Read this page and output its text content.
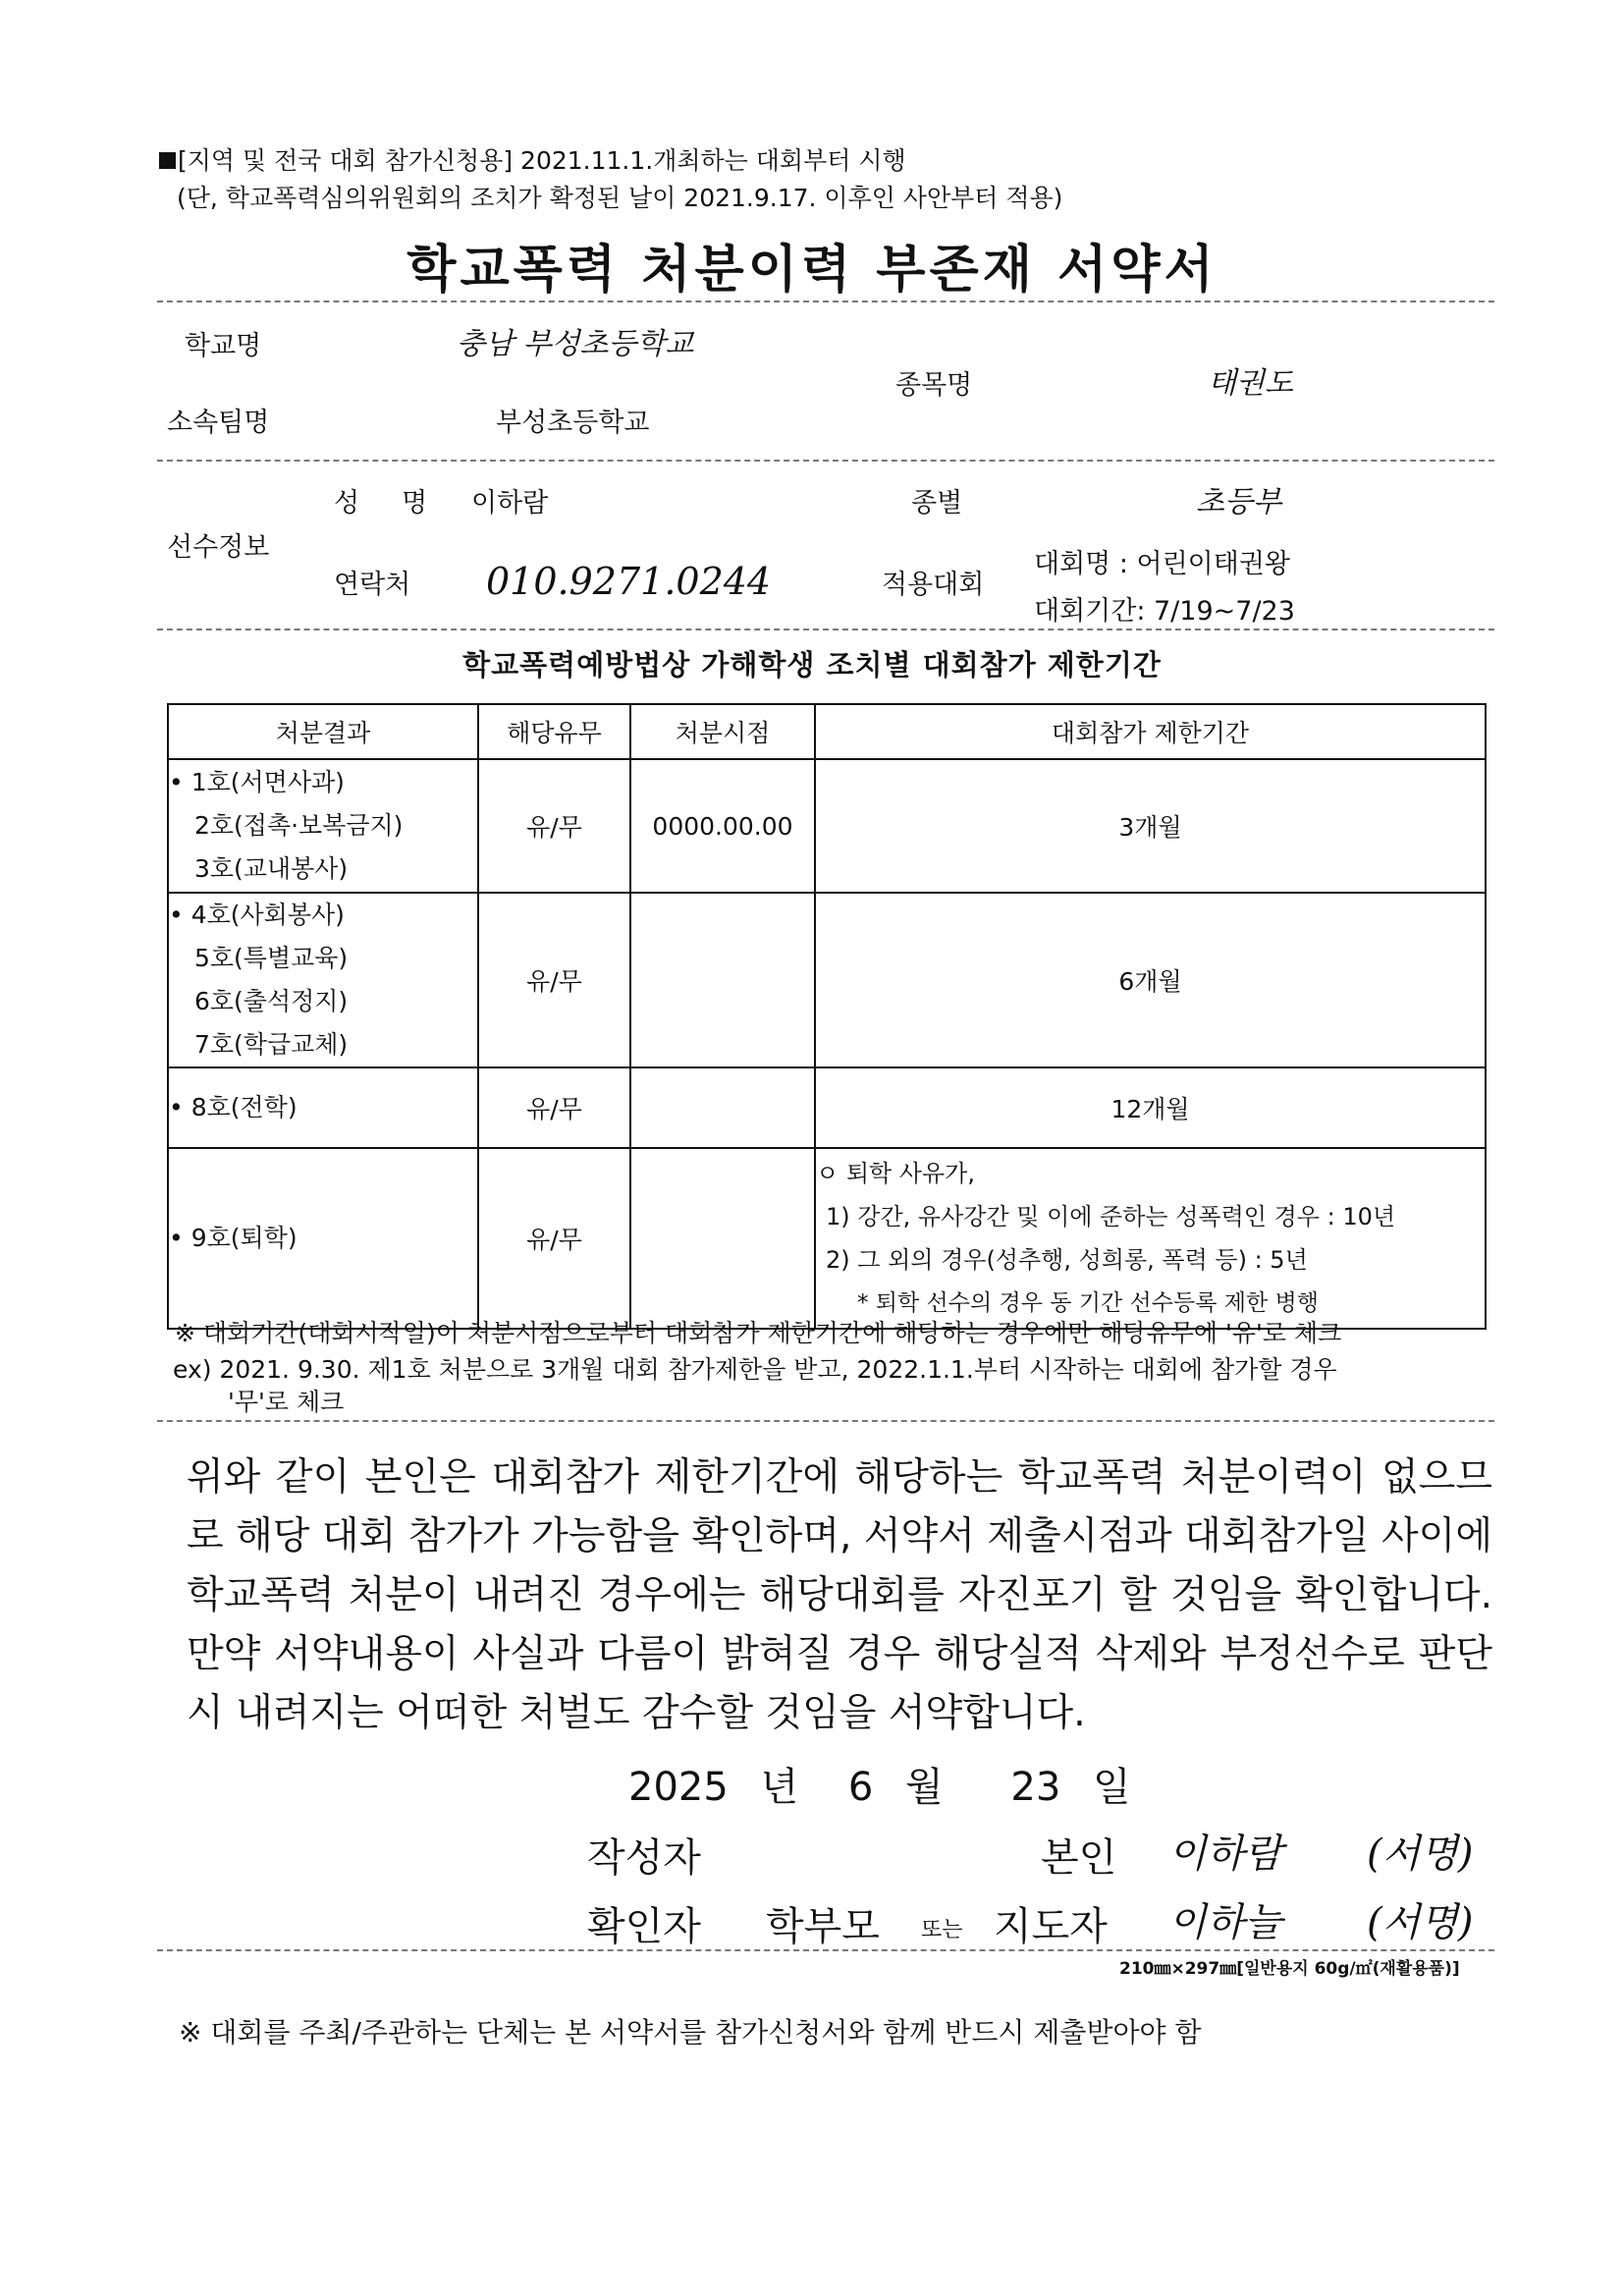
[지역 및 전국 대회 참가신청용] 2021.11.1.개최하는 대회부터 시행
(단, 학교폭력심의위원회의 조치가 확정된 날이 2021.9.17. 이후인 사안부터 적용)
학교폭력 처분이력 부존재 서약서
학교명	충남 부성초등학교
종목명	태권도
소속팀명	부성초등학교
성　명 이하람	종별	초등부
선수정보
연락처 010.9271.0244	적용대회
대회명 : 어린이태권왕
대회기간: 7/19~7/23
학교폭력예방법상 가해학생 조치별 대회참가 제한기간
처분결과	해당유무	처분시점	대회참가 제한기간

• 1호(서면사과)
2호(접촉·보복금지)
3호(교내봉사)	유/무	0000.00.00	3개월

• 4호(사회봉사)
5호(특별교육)
6호(출석정지)
7호(학급교체)	유/무		6개월

• 8호(전학)	유/무		12개월

• 9호(퇴학)	유/무		ㅇ 퇴학 사유가,
1) 강간, 유사강간 및 이에 준하는 성폭력인 경우 : 10년
2) 그 외의 경우(성추행, 성희롱, 폭력 등) : 5년
* 퇴학 선수의 경우 동 기간 선수등록 제한 병행
※ 대회기간(대회시작일)이 처분시점으로부터 대회참가 제한기간에 해당하는 경우에만 해당유무에 '유'로 체크
ex) 2021. 9.30. 제1호 처분으로 3개월 대회 참가제한을 받고, 2022.1.1.부터 시작하는 대회에 참가할 경우
'무'로 체크
위와 같이 본인은 대회참가 제한기간에 해당하는 학교폭력 처분이력이 없으므로 해당 대회 참가가 가능함을 확인하며, 서약서 제출시점과 대회참가일 사이에 학교폭력 처분이 내려진 경우에는 해당대회를 자진포기 할 것임을 확인합니다. 만약 서약내용이 사실과 다름이 밝혀질 경우 해당실적 삭제와 부정선수로 판단 시 내려지는 어떠한 처벌도 감수할 것임을 서약합니다.
2025 년 6 월 23 일
작성자	본인 이하람 (서명)
확인자 학부모 또는 지도자 이하늘 (서명)
210㎜×297㎜[일반용지 60g/㎡(재활용품)]
※ 대회를 주최/주관하는 단체는 본 서약서를 참가신청서와 함께 반드시 제출받아야 함
